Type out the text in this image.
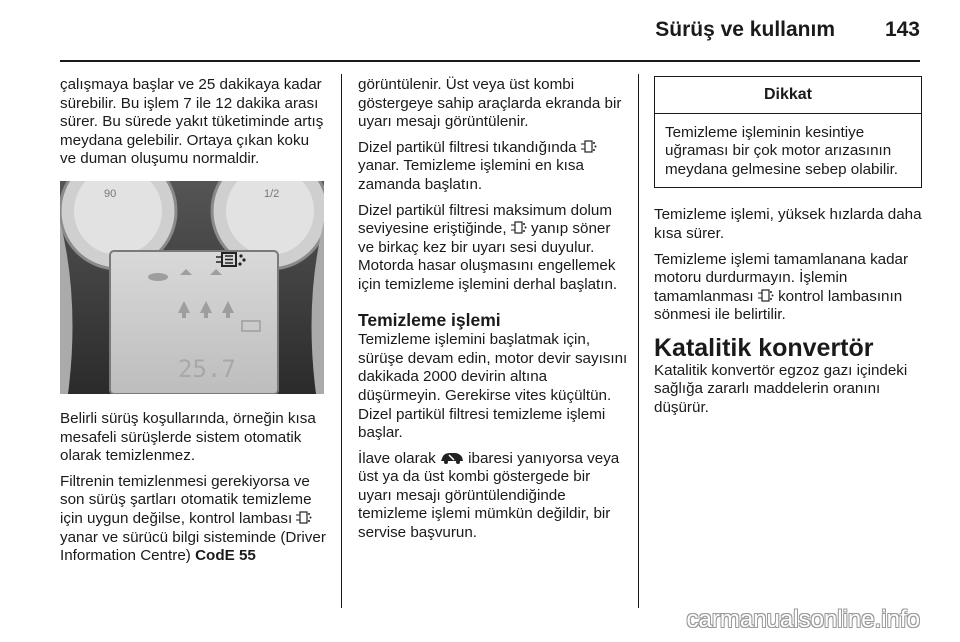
Sürüş ve kullanım 143

çalışmaya başlar ve 25 dakikaya kadar sürebilir. Bu işlem 7 ile 12 dakika arası sürer. Bu sürede yakıt tüketiminde artış meydana gelebilir. Ortaya çıkan koku ve duman oluşumu normaldir.

90	1/2
25.7

Belirli sürüş koşullarında, örneğin kısa mesafeli sürüşlerde sistem otomatik olarak temizlenmez.

Filtrenin temizlenmesi gerekiyorsa ve son sürüş şartları otomatik temizleme için uygun değilse, kontrol lambası  yanar ve sürücü bilgi sisteminde (Driver Information Centre) CodE 55

görüntülenir. Üst veya üst kombi göstergeye sahip araçlarda ekranda bir uyarı mesajı görüntülenir.

Dizel partikül filtresi tıkandığında  yanar. Temizleme işlemini en kısa zamanda başlatın.

Dizel partikül filtresi maksimum dolum seviyesine eriştiğinde, yanıp söner ve birkaç kez bir uyarı sesi duyulur. Motorda hasar oluşmasını engellemek için temizleme işlemini derhal başlatın.

Temizleme işlemi

Temizleme işlemini başlatmak için, sürüşe devam edin, motor devir sayısını dakikada 2000 devirin altına düşürmeyin. Gerekirse vites küçültün. Dizel partikül filtresi temizleme işlemi başlar.

İlave olarak ibaresi yanıyorsa veya üst ya da üst kombi göstergede bir uyarı mesajı görüntülendiğinde temizleme işlemi mümkün değildir, bir servise başvurun.

Dikkat
Temizleme işleminin kesintiye uğraması bir çok motor arızasının meydana gelmesine sebep olabilir.

Temizleme işlemi, yüksek hızlarda daha kısa sürer.

Temizleme işlemi tamamlanana kadar motoru durdurmayın. İşlemin tamamlanması kontrol lambasının sönmesi ile belirtilir.

Katalitik konvertör

Katalitik konvertör egzoz gazı içindeki sağlığa zararlı maddelerin oranını düşürür.

carmanualsonline.info
